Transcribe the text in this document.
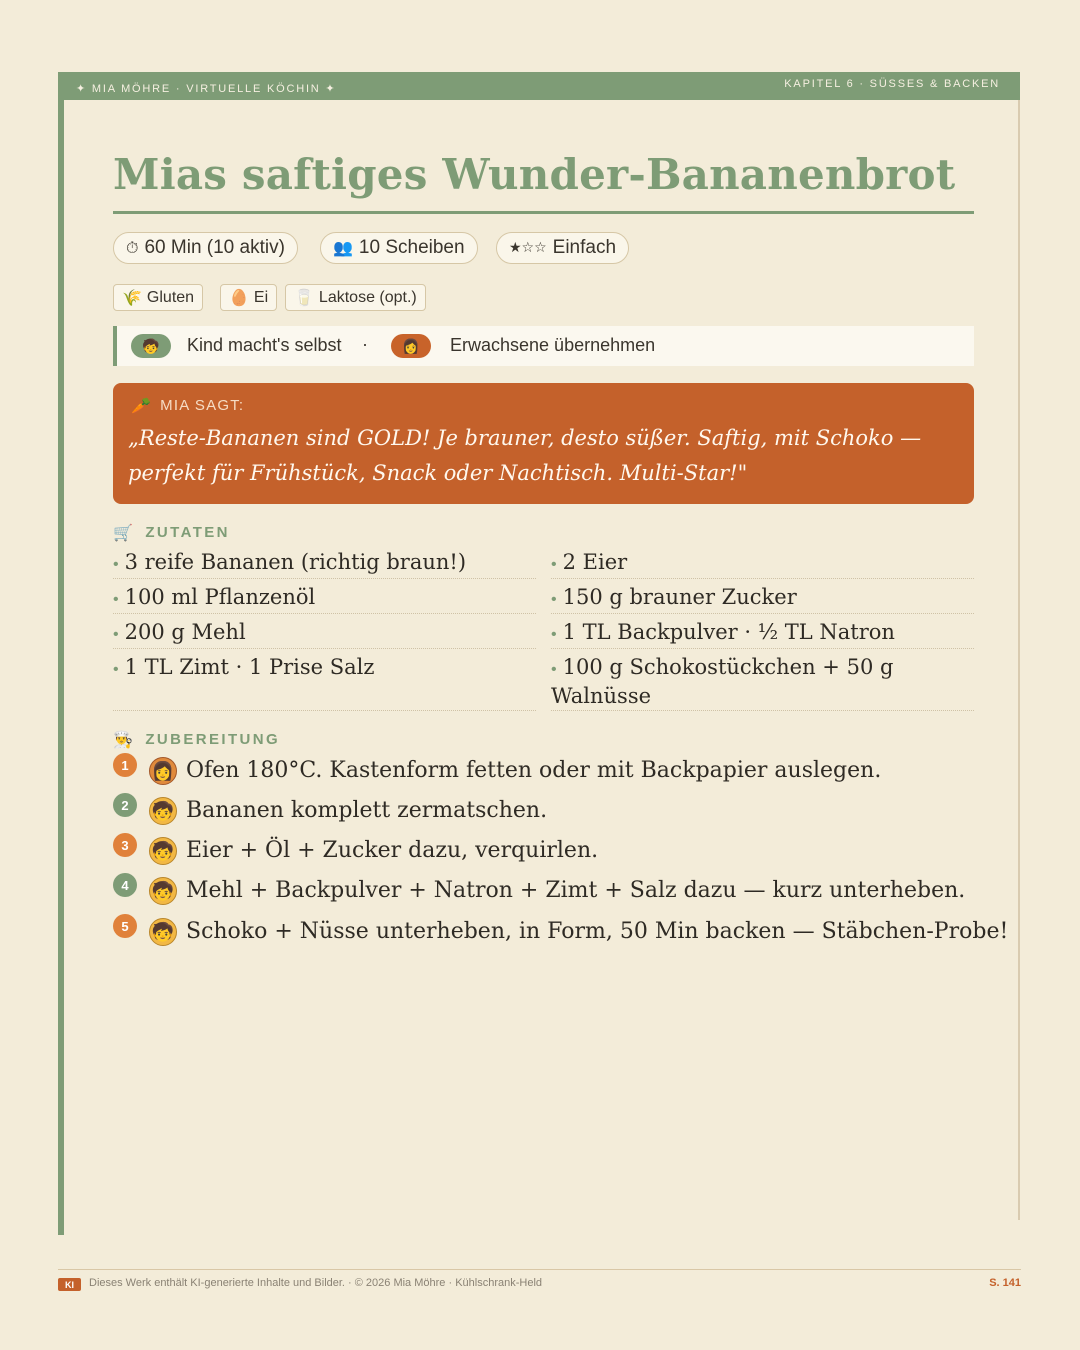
✦ MIA MÖHRE · VIRTUELLE KÖCHIN ✦	KAPITEL 6 · SÜSSES & BACKEN
Mias saftiges Wunder-Bananenbrot
⏱ 60 Min (10 aktiv)	👥 10 Scheiben	★☆☆ Einfach
🌾 Gluten 🥚 Ei 🥛 Laktose (opt.)
🧒	Kind macht's selbst ·	👩	Erwachsene übernehmen
🥕 MIA SAGT:
„Reste-Bananen sind GOLD! Je brauner, desto süßer. Saftig, mit Schoko — perfekt für Frühstück, Snack oder Nachtisch. Multi-Star!"
🛒 ZUTATEN
• 3 reife Bananen (richtig braun!)	• 2 Eier
• 100 ml Pflanzenöl	• 150 g brauner Zucker
• 200 g Mehl	• 1 TL Backpulver · ½ TL Natron
• 1 TL Zimt · 1 Prise Salz	• 100 g Schokostückchen + 50 g Walnüsse
👨‍🍳 ZUBEREITUNG
1	👩 Ofen 180°C. Kastenform fetten oder mit Backpapier auslegen.
2	🧒 Bananen komplett zermatschen.
3	🧒 Eier + Öl + Zucker dazu, verquirlen.
4	🧒 Mehl + Backpulver + Natron + Zimt + Salz dazu — kurz unterheben.
5	🧒 Schoko + Nüsse unterheben, in Form, 50 Min backen — Stäbchen-Probe!
KI	Dieses Werk enthält KI-generierte Inhalte und Bilder. · © 2026 Mia Möhre · Kühlschrank-Held	S. 141
